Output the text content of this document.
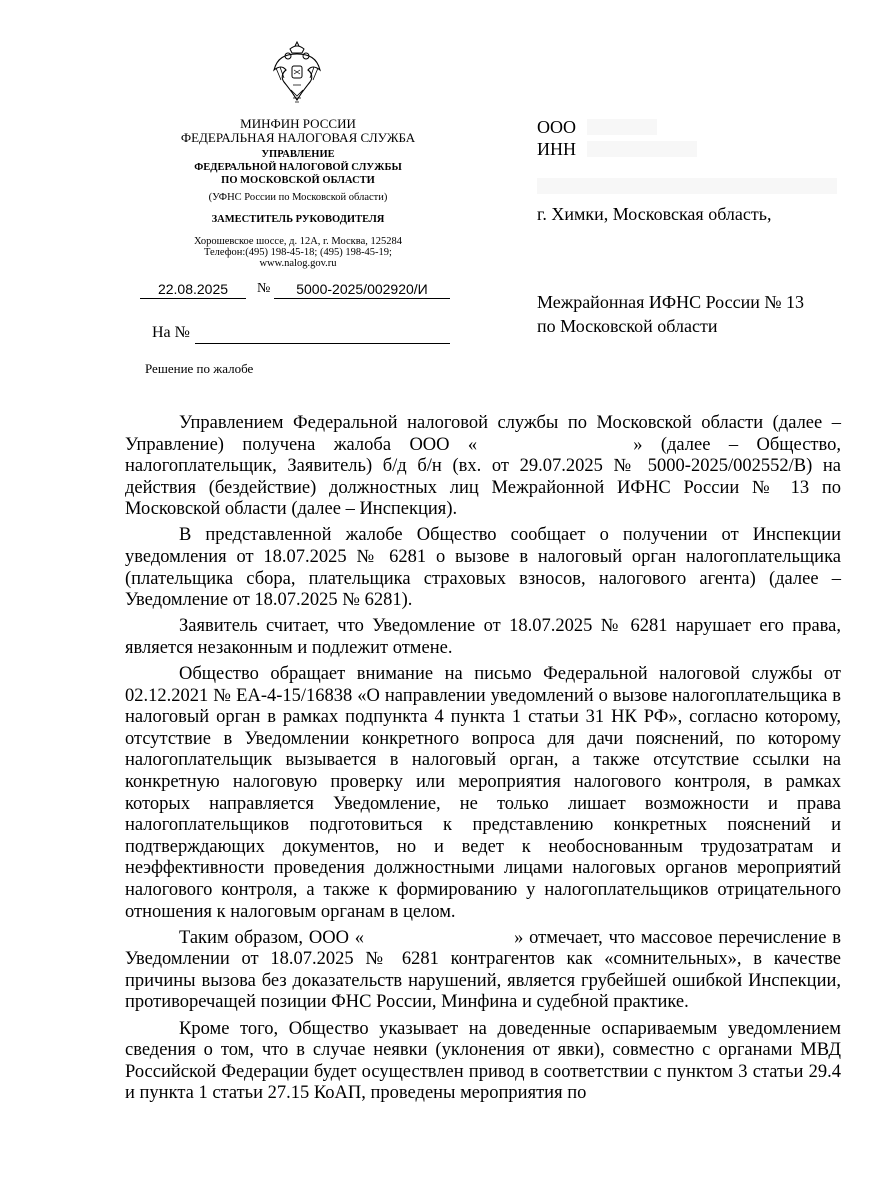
МИНФИН РОССИИ
ФЕДЕРАЛЬНАЯ НАЛОГОВАЯ СЛУЖБА
УПРАВЛЕНИЕ
ФЕДЕРАЛЬНОЙ НАЛОГОВОЙ СЛУЖБЫ
ПО МОСКОВСКОЙ ОБЛАСТИ
(УФНС России по Московской области)
ЗАМЕСТИТЕЛЬ РУКОВОДИТЕЛЯ
Хорошевское шоссе, д. 12А, г. Москва, 125284
Телефон:(495) 198-45-18; (495) 198-45-19;
www.nalog.gov.ru
22.08.2025	№	5000-2025/002920/И
На №
Решение по жалобе
ООО
ИНН
г. Химки, Московская область,
Межрайонная ИФНС России № 13
по Московской области

Управлением Федеральной налоговой службы по Московской области (далее – Управление) получена жалоба ООО «	» (далее – Общество, налогоплательщик, Заявитель) б/д б/н (вх. от 29.07.2025 № 5000-2025/002552/В) на действия (бездействие) должностных лиц Межрайонной ИФНС России № 13 по Московской области (далее – Инспекция).

В представленной жалобе Общество сообщает о получении от Инспекции уведомления от 18.07.2025 № 6281 о вызове в налоговый орган налогоплательщика (плательщика сбора, плательщика страховых взносов, налогового агента) (далее – Уведомление от 18.07.2025 № 6281).

Заявитель считает, что Уведомление от 18.07.2025 № 6281 нарушает его права, является незаконным и подлежит отмене.

Общество обращает внимание на письмо Федеральной налоговой службы от 02.12.2021 № ЕА-4-15/16838 «О направлении уведомлений о вызове налогоплательщика в налоговый орган в рамках подпункта 4 пункта 1 статьи 31 НК РФ», согласно которому, отсутствие в Уведомлении конкретного вопроса для дачи пояснений, по которому налогоплательщик вызывается в налоговый орган, а также отсутствие ссылки на конкретную налоговую проверку или мероприятия налогового контроля, в рамках которых направляется Уведомление, не только лишает возможности и права налогоплательщиков подготовиться к представлению конкретных пояснений и подтверждающих документов, но и ведет к необоснованным трудозатратам и неэффективности проведения должностными лицами налоговых органов мероприятий налогового контроля, а также к формированию у налогоплательщиков отрицательного отношения к налоговым органам в целом.

Таким образом, ООО «	» отмечает, что массовое перечисление в Уведомлении от 18.07.2025 № 6281 контрагентов как «сомнительных», в качестве причины вызова без доказательств нарушений, является грубейшей ошибкой Инспекции, противоречащей позиции ФНС России, Минфина и судебной практике.

Кроме того, Общество указывает на доведенные оспариваемым уведомлением сведения о том, что в случае неявки (уклонения от явки), совместно с органами МВД Российской Федерации будет осуществлен привод в соответствии с пунктом 3 статьи 29.4 и пункта 1 статьи 27.15 КоАП, проведены мероприятия по
